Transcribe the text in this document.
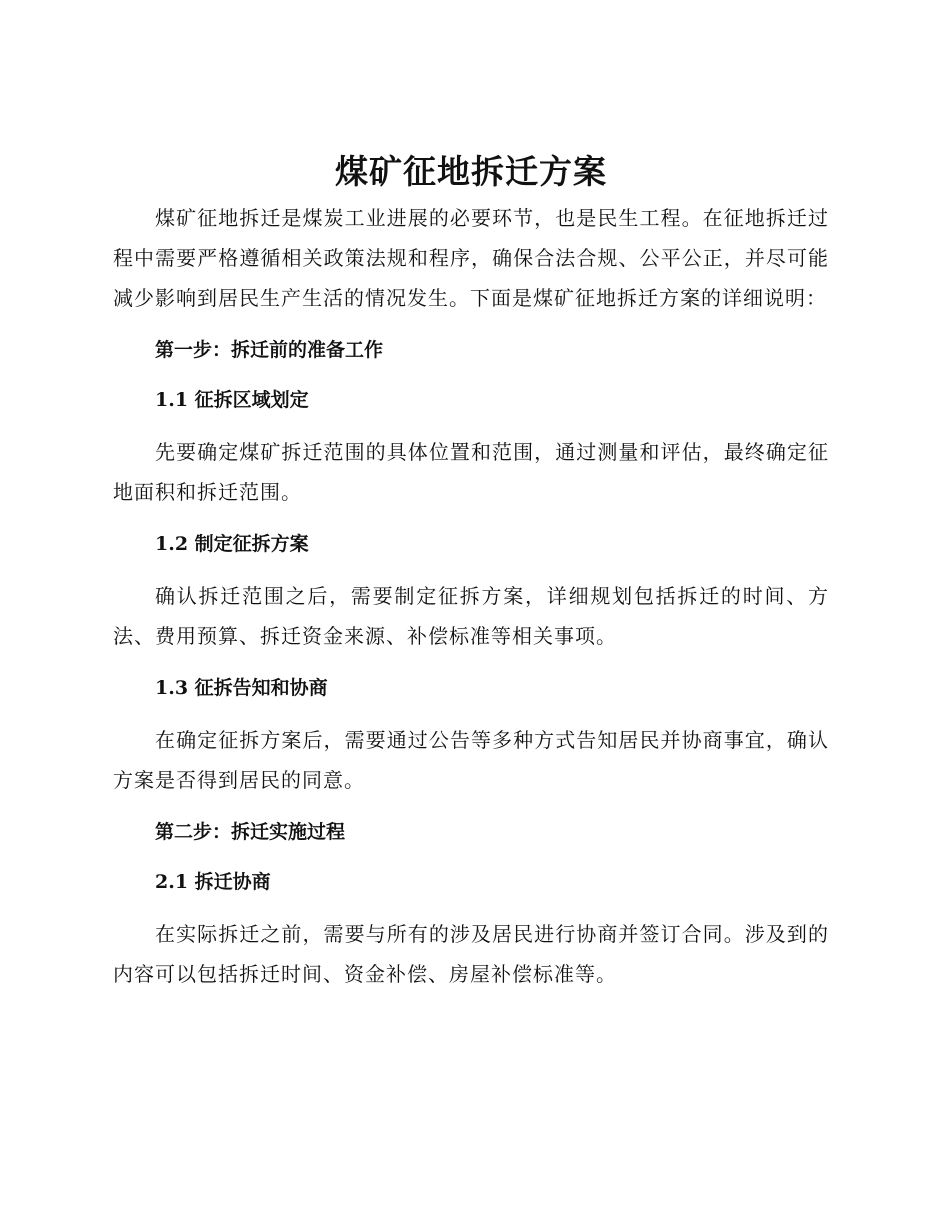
煤矿征地拆迁方案

煤矿征地拆迁是煤炭工业进展的必要环节，也是民生工程。在征地拆迁过程中需要严格遵循相关政策法规和程序，确保合法合规、公平公正，并尽可能减少影响到居民生产生活的情况发生。下面是煤矿征地拆迁方案的详细说明：

第一步：拆迁前的准备工作

1.1 征拆区域划定

先要确定煤矿拆迁范围的具体位置和范围，通过测量和评估，最终确定征地面积和拆迁范围。

1.2 制定征拆方案

确认拆迁范围之后，需要制定征拆方案，详细规划包括拆迁的时间、方法、费用预算、拆迁资金来源、补偿标准等相关事项。

1.3 征拆告知和协商

在确定征拆方案后，需要通过公告等多种方式告知居民并协商事宜，确认方案是否得到居民的同意。

第二步：拆迁实施过程

2.1 拆迁协商

在实际拆迁之前，需要与所有的涉及居民进行协商并签订合同。涉及到的内容可以包括拆迁时间、资金补偿、房屋补偿标准等。
